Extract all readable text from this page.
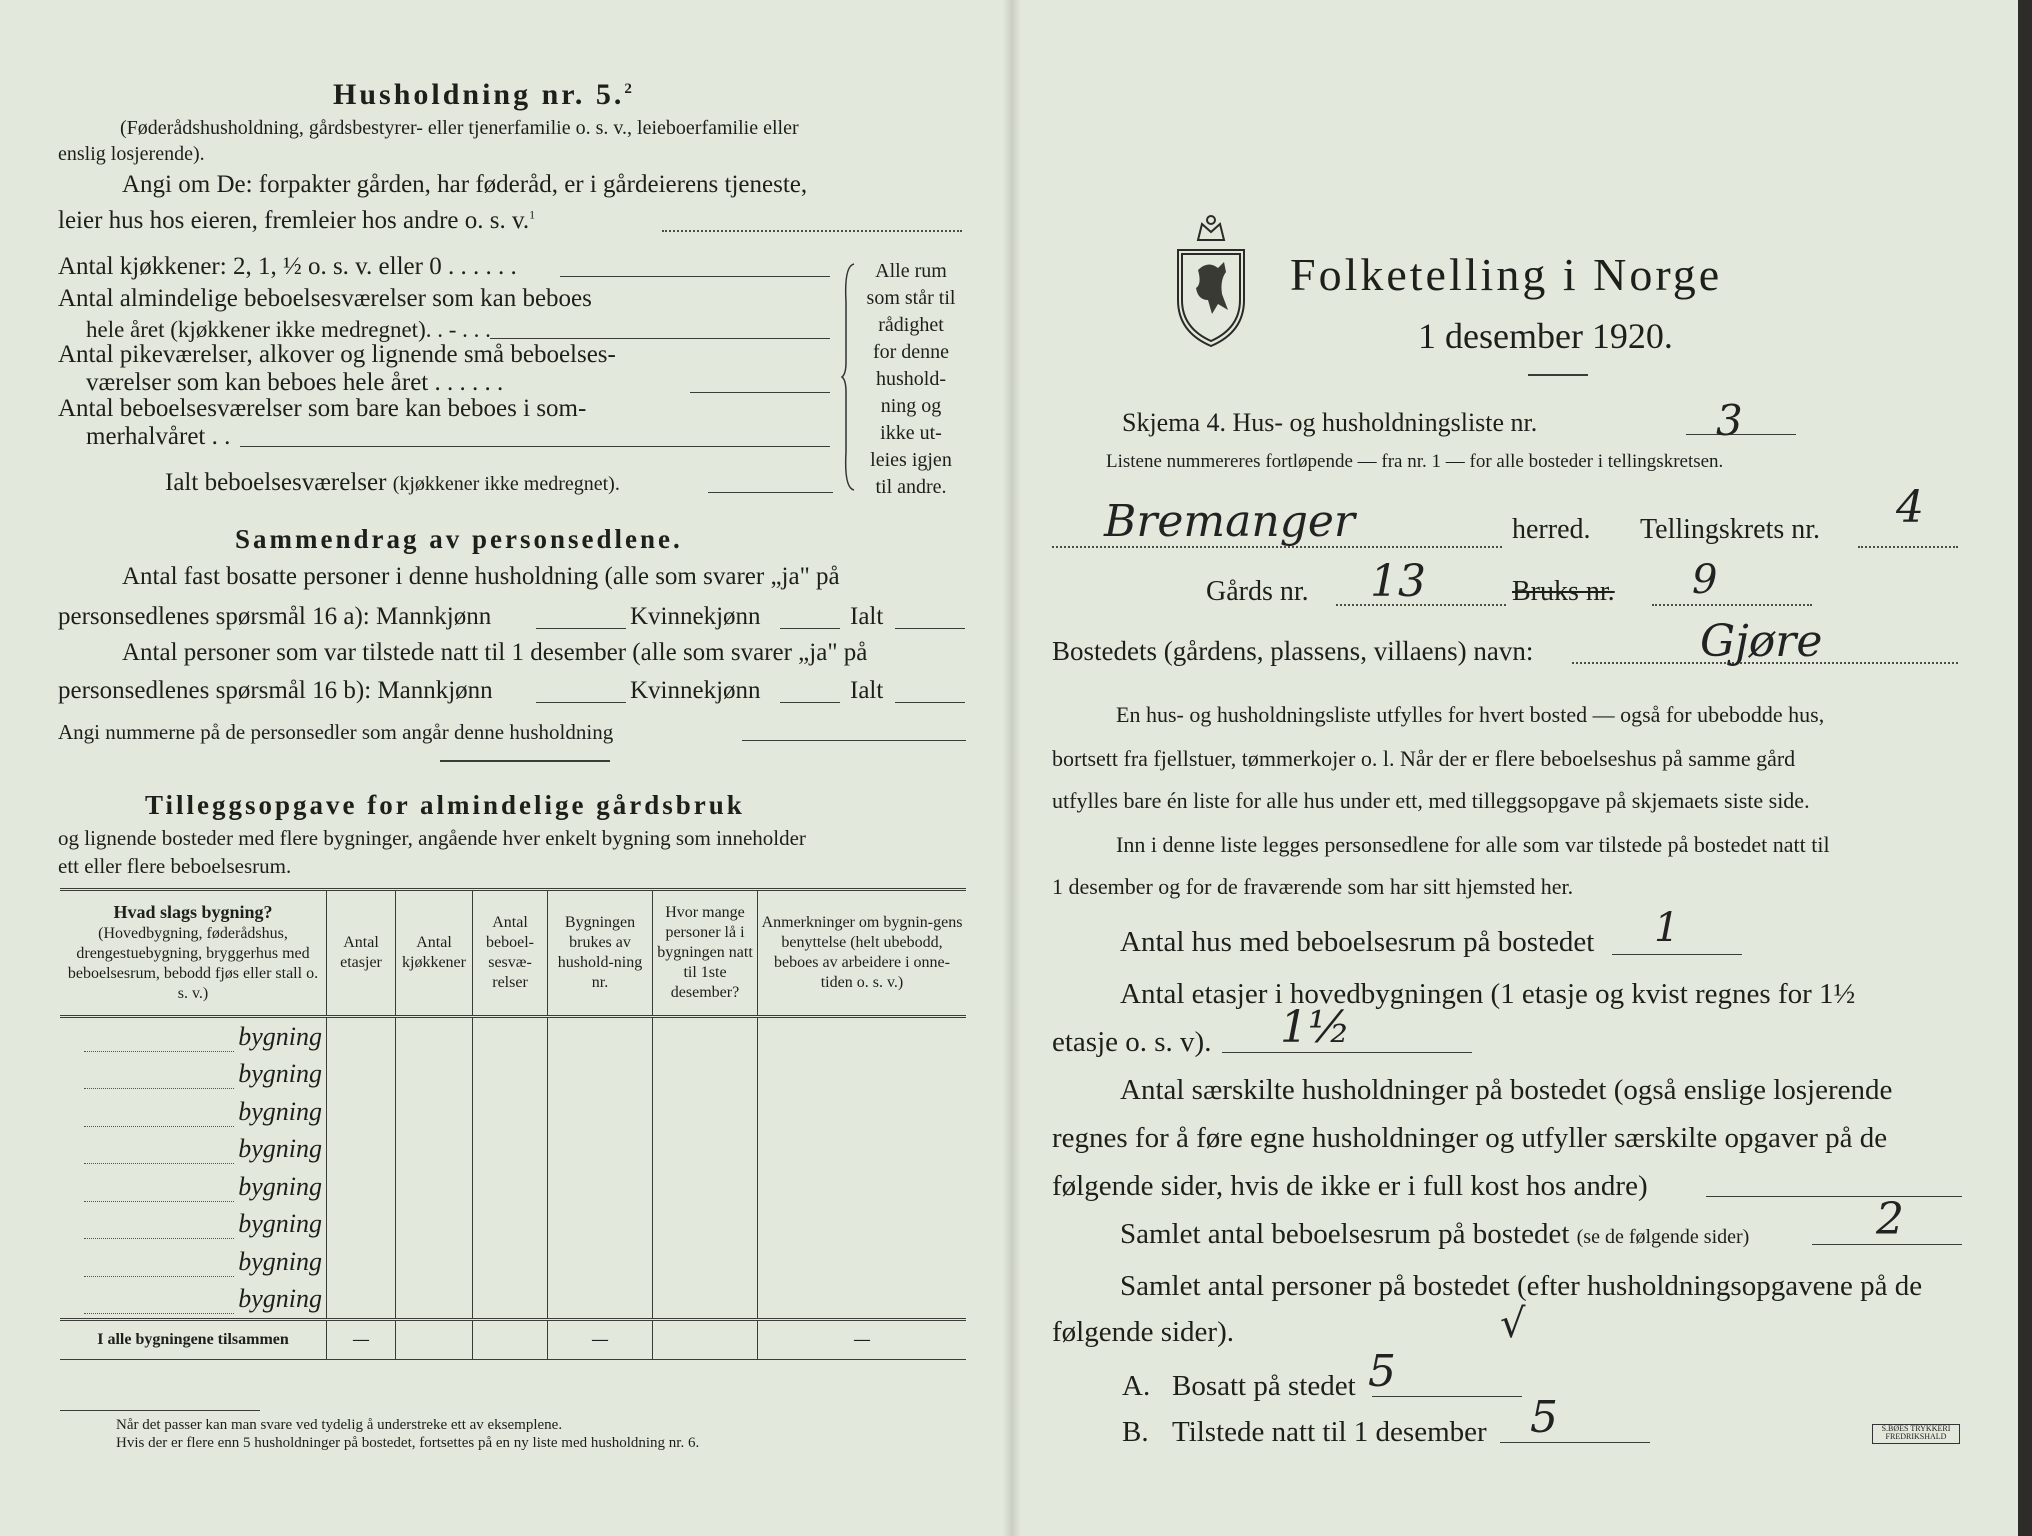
Husholdning nr. 5.$^2$
(Føderådshusholdning, gårdsbestyrer- eller tjenerfamilie o. s. v., leieboerfamilie eller
enslig losjerende).
Angi om De: forpakter gården, har føderåd, er i gårdeierens tjeneste,
leier hus hos eieren, fremleier hos andre o. s. v.$^1$
Antal kjøkkener: 2, 1, ½ o. s. v. eller 0 . . . . . .
Antal almindelige beboelsesværelser som kan beboes
hele året (kjøkkener ikke medregnet). . - . . .
Antal pikeværelser, alkover og lignende små beboelses-
værelser som kan beboes hele året . . . . . .
Antal beboelsesværelser som bare kan beboes i som-
merhalvåret . .
Ialt beboelsesværelser (kjøkkener ikke medregnet).
Alle rum
som står til
rådighet
for denne
hushold-
ning og
ikke ut-
leies igjen
til andre.
Sammendrag av personsedlene.
Antal fast bosatte personer i denne husholdning (alle som svarer „ja" på
personsedlenes spørsmål 16 a): Mannkjønn	Kvinnekjønn	Ialt
Antal personer som var tilstede natt til 1 desember (alle som svarer „ja" på
personsedlenes spørsmål 16 b): Mannkjønn	Kvinnekjønn	Ialt
Angi nummerne på de personsedler som angår denne husholdning
Tilleggsopgave for almindelige gårdsbruk
og lignende bosteder med flere bygninger, angående hver enkelt bygning som inneholder
ett eller flere beboelsesrum.
Hvad slags bygning?
(Hovedbygning, føderådshus, drengestuebygning, bryggerhus med beboelsesrum, bebodd fjøs eller stall o. s. v.)	Antal etasjer	Antal kjøkkener	Antal beboel-sesvæ-relser	Bygningen brukes av hushold-ning nr.	Hvor mange personer lå i bygningen natt til 1ste desember?	Anmerkninger om bygnin-gens benyttelse (helt ubebodd, beboes av arbeidere i onne-tiden o. s. v.)
bygning						
bygning						
bygning						
bygning						
bygning						
bygning						
bygning						
bygning						
I alle bygningene tilsammen	—			—		—
Når det passer kan man svare ved tydelig å understreke ett av eksemplene.
Hvis der er flere enn 5 husholdninger på bostedet, fortsettes på en ny liste med husholdning nr. 6.
Folketelling i Norge
1 desember 1920.
Skjema 4. Hus- og husholdningsliste nr.	3
Listene nummereres fortløpende — fra nr. 1 — for alle bosteder i tellingskretsen.
Bremanger	herred. Tellingskrets nr. 4
Gårds nr. 13	Bruks nr. 9
Bostedets (gårdens, plassens, villaens) navn:	Gjøre
En hus- og husholdningsliste utfylles for hvert bosted — også for ubebodde hus,
bortsett fra fjellstuer, tømmerkojer o. l. Når der er flere beboelseshus på samme gård
utfylles bare én liste for alle hus under ett, med tilleggsopgave på skjemaets siste side.
Inn i denne liste legges personsedlene for alle som var tilstede på bostedet natt til
1 desember og for de fraværende som har sitt hjemsted her.
Antal hus med beboelsesrum på bostedet 1
Antal etasjer i hovedbygningen (1 etasje og kvist regnes for 1½
etasje o. s. v). 1½
Antal særskilte husholdninger på bostedet (også enslige losjerende
regnes for å føre egne husholdninger og utfyller særskilte opgaver på de
følgende sider, hvis de ikke er i full kost hos andre)
Samlet antal beboelsesrum på bostedet (se de følgende sider)	2
Samlet antal personer på bostedet (efter husholdningsopgavene på de
følgende sider).	√
A. Bosatt på stedet 5
B. Tilstede natt til 1 desember 5	S.BØES TRYKKERI FREDRIKSHALD
